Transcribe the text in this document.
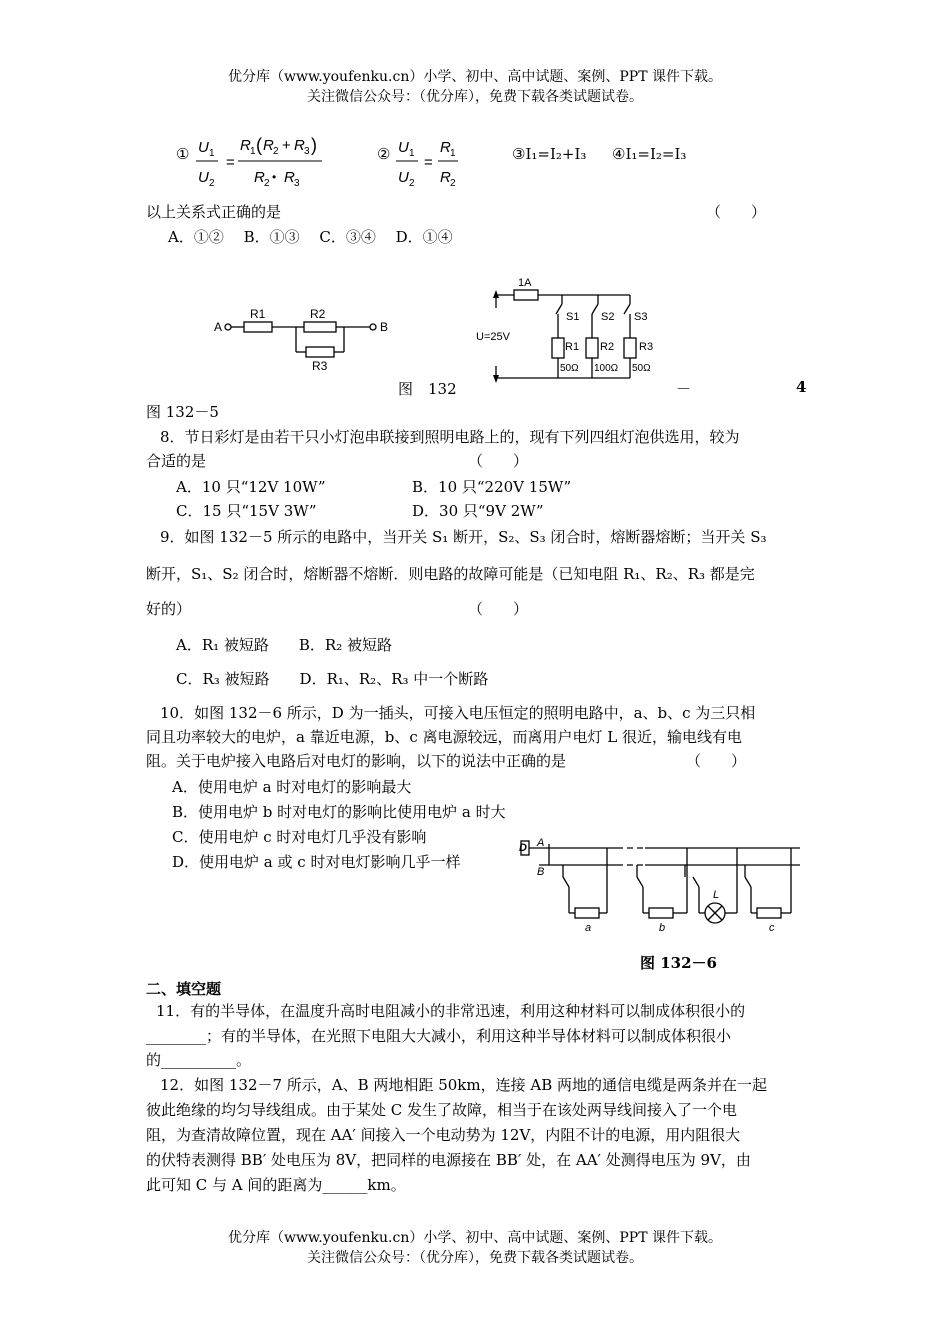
优分库（www.youfenku.cn）小学、初中、高中试题、案例、PPT 课件下载。
关注微信公众号：（优分库），免费下载各类试题试卷。
① U 1
U 2
=
R 1 ( R 2 + R 3 )
R 2 • R 3
② U 1
U 2
=
R 1
R 2
③I₁=I₂+I₃ ④I₁=I₂=I₃
以上关系式正确的是	（　　）
A．①②　 B．①③　 C．③④　 D．①④
A	B
R1	R2
R3
1A
U=25V
S1 S2 S3
R1 R2 R3
50Ω 100Ω 50Ω
图　132	－	4
图 132－5
8．节日彩灯是由若干只小灯泡串联接到照明电路上的，现有下列四组灯泡供选用，较为
合适的是	（　　）
A．10 只“12V 10W”	B．10 只“220V 15W”
C．15 只“15V 3W”	D．30 只“9V 2W”
9．如图 132－5 所示的电路中，当开关 S₁ 断开，S₂、S₃ 闭合时，熔断器熔断；当开关 S₃
断开，S₁、S₂ 闭合时，熔断器不熔断．则电路的故障可能是（已知电阻 R₁、R₂、R₃ 都是完
好的）	（　　）
A．R₁ 被短路　　B．R₂ 被短路
C．R₃ 被短路　　D．R₁、R₂、R₃ 中一个断路
10．如图 132－6 所示，D 为一插头，可接入电压恒定的照明电路中，a、b、c 为三只相
同且功率较大的电炉，a 靠近电源，b、c 离电源较远，而离用户电灯 L 很近，输电线有电
阻。关于电炉接入电路后对电灯的影响，以下的说法中正确的是	（　　）
A．使用电炉 a 时对电灯的影响最大
B．使用电炉 b 时对电灯的影响比使用电炉 a 时大
C．使用电炉 c 时对电灯几乎没有影响
D．使用电炉 a 或 c 时对电灯影响几乎一样
D A
B
a	b
L
c
图 132－6
二、填空题
11．有的半导体，在温度升高时电阻减小的非常迅速，利用这种材料可以制成体积很小的
________；有的半导体，在光照下电阻大大减小，利用这种半导体材料可以制成体积很小
的__________。
12．如图 132－7 所示，A、B 两地相距 50km，连接 AB 两地的通信电缆是两条并在一起
彼此绝缘的均匀导线组成。由于某处 C 发生了故障，相当于在该处两导线间接入了一个电
阻，为查清故障位置，现在 AA′ 间接入一个电动势为 12V，内阻不计的电源，用内阻很大
的伏特表测得 BB′ 处电压为 8V，把同样的电源接在 BB′ 处，在 AA′ 处测得电压为 9V，由
此可知 C 与 A 间的距离为______km。
优分库（www.youfenku.cn）小学、初中、高中试题、案例、PPT 课件下载。
关注微信公众号：（优分库），免费下载各类试题试卷。
